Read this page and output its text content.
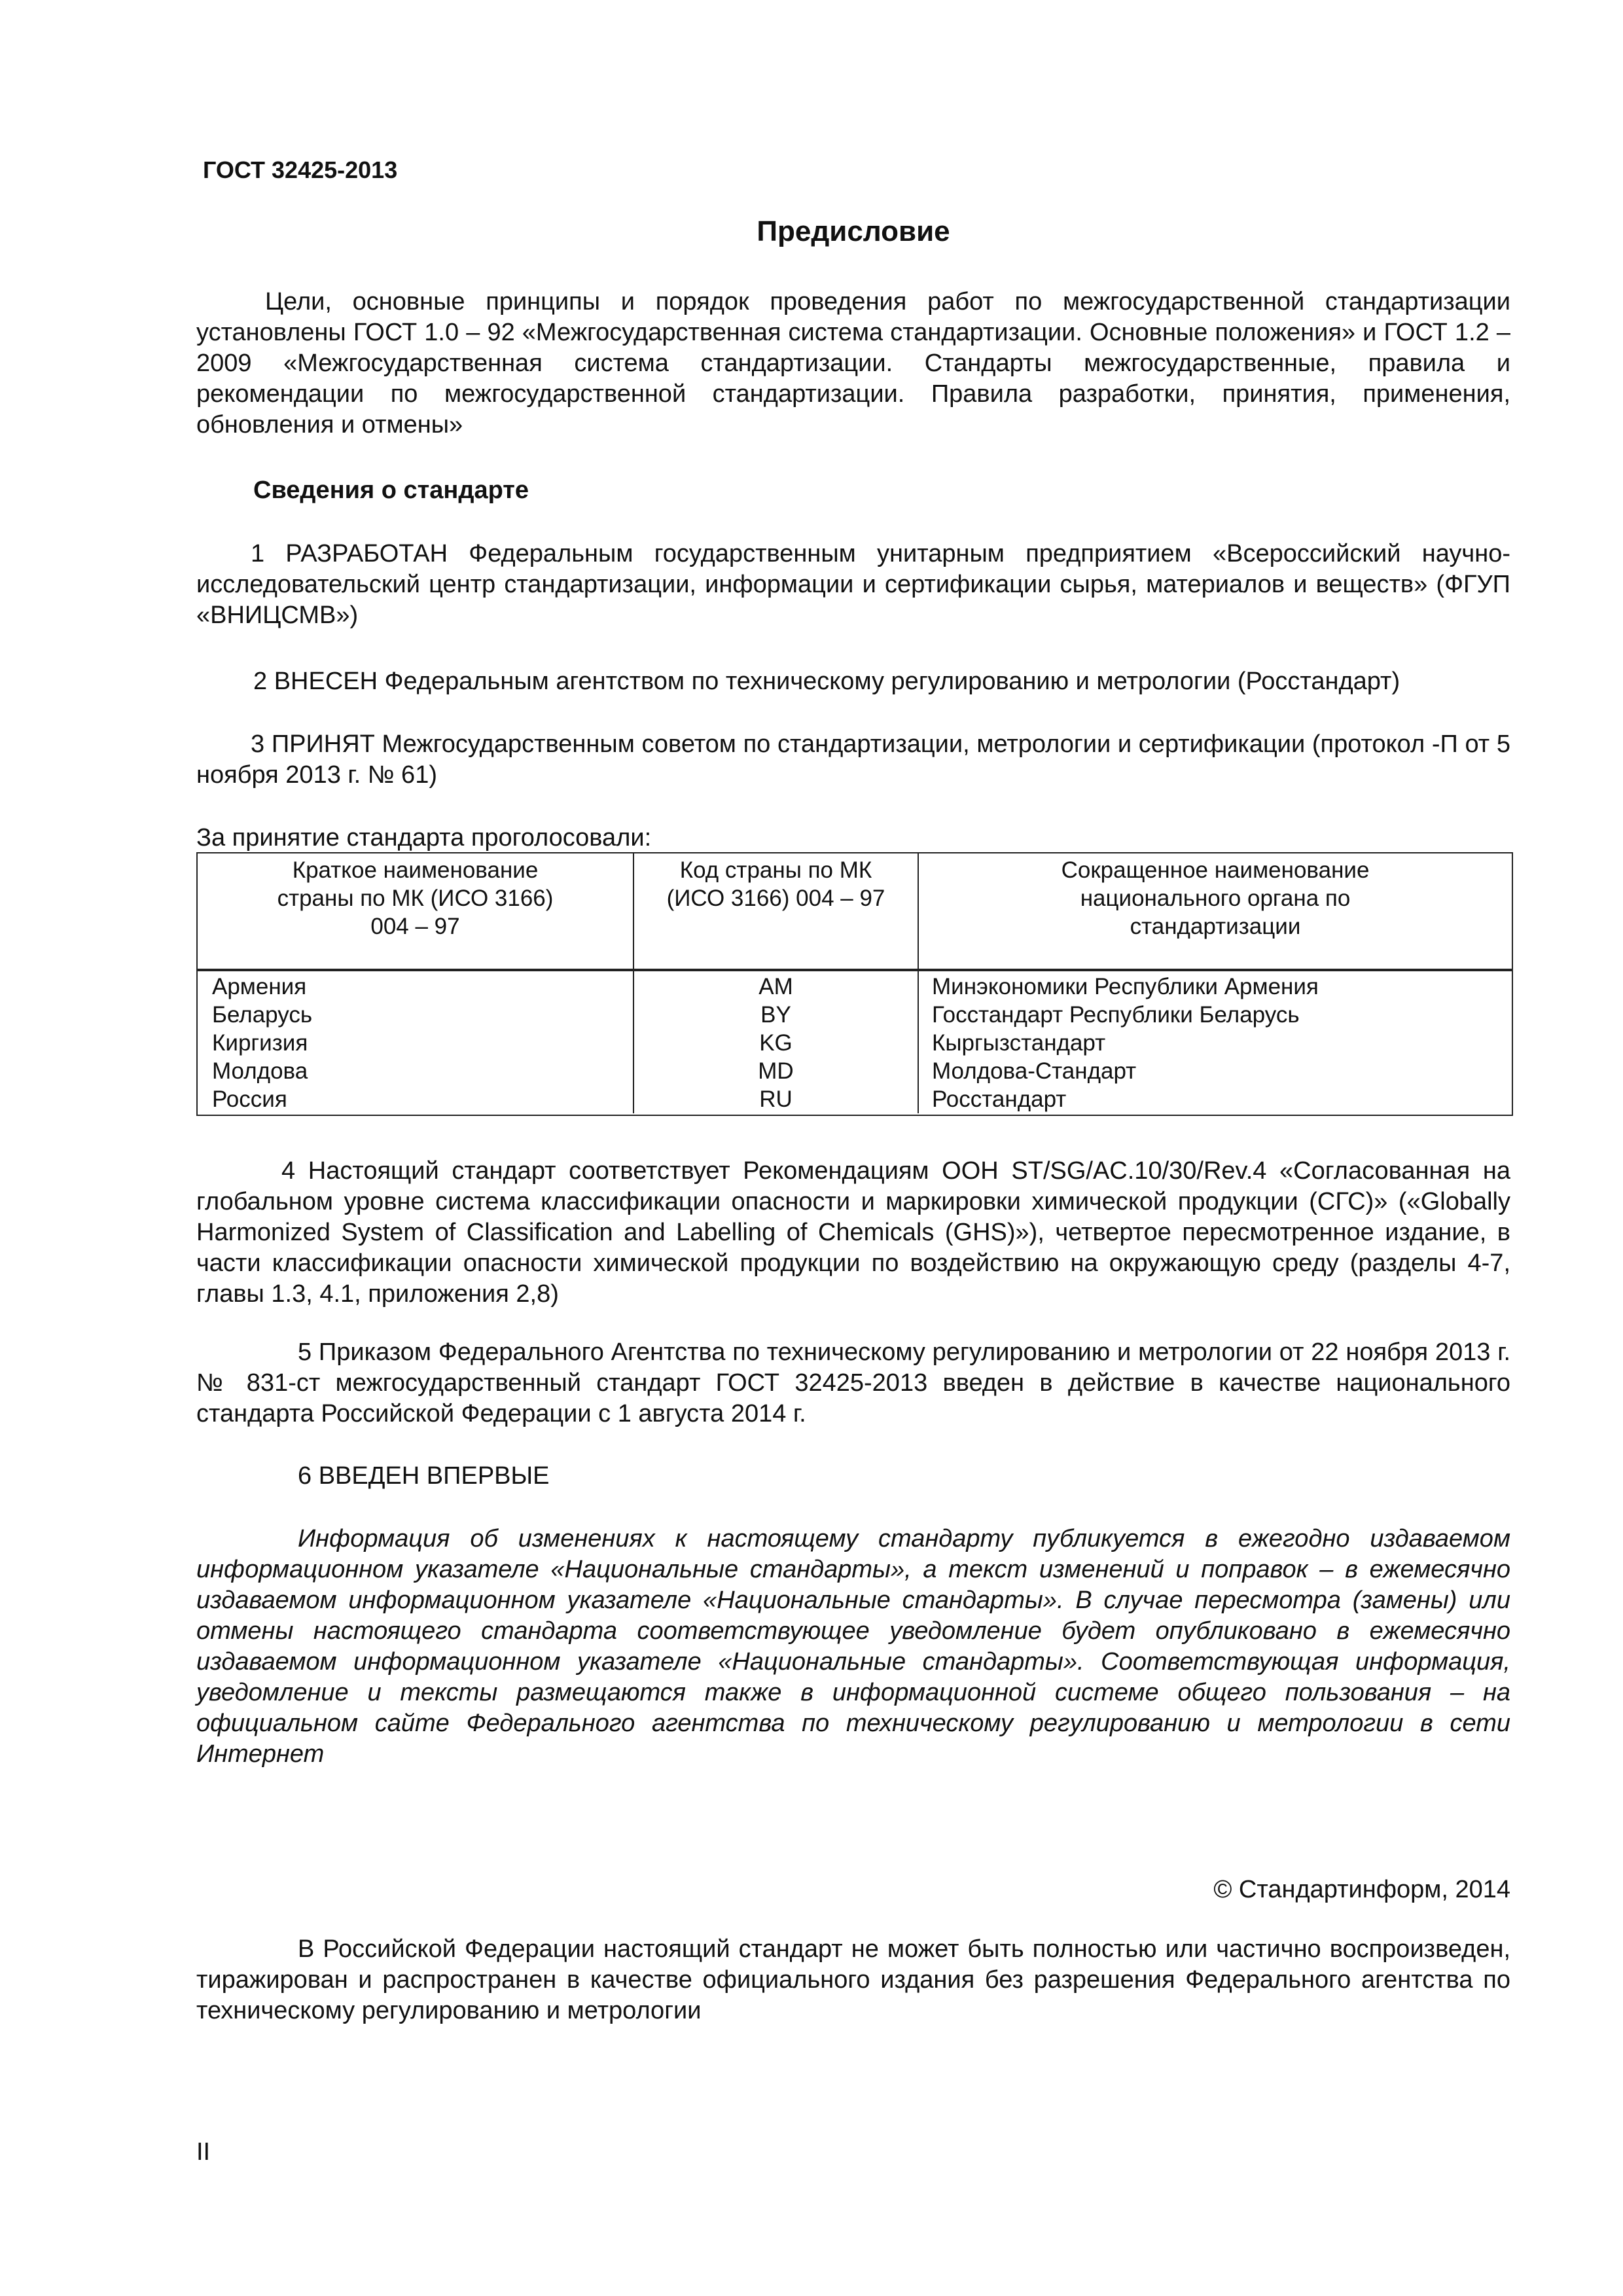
ГОСТ 32425-2013
Предисловие
Цели, основные принципы и порядок проведения работ по межгосударственной стандартизации установлены ГОСТ 1.0 – 92 «Межгосударственная система стандартизации. Основные положения» и ГОСТ 1.2 – 2009 «Межгосударственная система стандартизации. Стандарты межгосударственные, правила и рекомендации по межгосударственной стандартизации. Правила разработки, принятия, применения, обновления и отмены»
Сведения о стандарте
1 РАЗРАБОТАН Федеральным государственным унитарным предприятием «Всероссийский научно-исследовательский центр стандартизации, информации и сертификации сырья, материалов и веществ» (ФГУП «ВНИЦСМВ»)
2 ВНЕСЕН Федеральным агентством по техническому регулированию и метрологии (Росстандарт)
3 ПРИНЯТ Межгосударственным советом по стандартизации, метрологии и сертификации (протокол -П от 5 ноября 2013 г. № 61)
За принятие стандарта проголосовали:
Краткое наименование страны по МК (ИСО 3166) 004 – 97
Код страны по МК (ИСО 3166) 004 – 97
Сокращенное наименование национального органа по стандартизации
Армения
Беларусь
Киргизия
Молдова
Россия
AM
BY
KG
MD
RU
Минэкономики Республики Армения
Госстандарт Республики Беларусь
Кыргызстандарт
Молдова-Стандарт
Росстандарт
4 Настоящий стандарт соответствует Рекомендациям ООН ST/SG/AC.10/30/Rev.4 «Согласованная на глобальном уровне система классификации опасности и маркировки химической продукции (СГС)» («Globally Harmonized System of Classification and Labelling of Chemicals (GHS)»), четвертое пересмотренное издание, в части классификации опасности химической продукции по воздействию на окружающую среду (разделы 4-7, главы 1.3, 4.1, приложения 2,8)
5 Приказом Федерального Агентства по техническому регулированию и метрологии от 22 ноября 2013 г. № 831-ст межгосударственный стандарт ГОСТ 32425-2013 введен в действие в качестве национального стандарта Российской Федерации с 1 августа 2014 г.
6 ВВЕДЕН ВПЕРВЫЕ
Информация об изменениях к настоящему стандарту публикуется в ежегодно издаваемом информационном указателе «Национальные стандарты», а текст изменений и поправок – в ежемесячно издаваемом информационном указателе «Национальные стандарты». В случае пересмотра (замены) или отмены настоящего стандарта соответствующее уведомление будет опубликовано в ежемесячно издаваемом информационном указателе «Национальные стандарты». Соответствующая информация, уведомление и тексты размещаются также в информационной системе общего пользования – на официальном сайте Федерального агентства по техническому регулированию и метрологии в сети Интернет
© Стандартинформ, 2014
В Российской Федерации настоящий стандарт не может быть полностью или частично воспроизведен, тиражирован и распространен в качестве официального издания без разрешения Федерального агентства по техническому регулированию и метрологии
II
